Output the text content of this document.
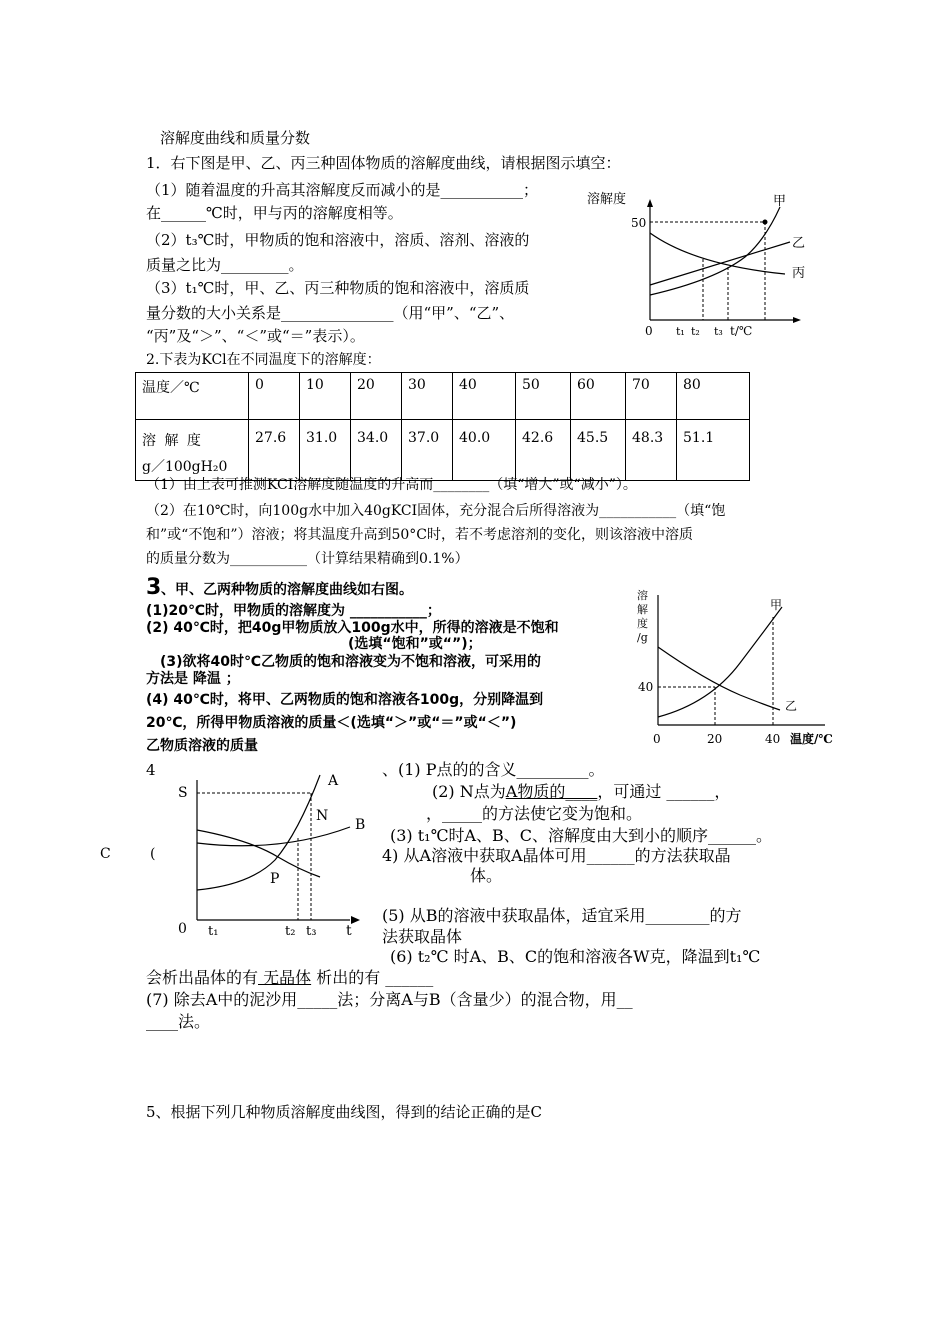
溶解度曲线和质量分数
1．右下图是甲、乙、丙三种固体物质的溶解度曲线，请根据图示填空：
（1）随着温度的升高其溶解度反而减小的是___________；
在______℃时，甲与丙的溶解度相等。
（2）t₃℃时，甲物质的饱和溶液中，溶质、溶剂、溶液的
质量之比为_________。
（3）t₁℃时，甲、乙、丙三种物质的饱和溶液中，溶质质
量分数的大小关系是_______________（用“甲”、“乙”、
“丙”及“＞”、“＜”或“＝”表示）。
溶解度
50
甲
乙
丙
0 t₁ t₂ t₃ t/℃
2.下表为KCl在不同温度下的溶解度：
温度／℃	0	10	20	30	40	50	60	70	80

溶 解 度
g／100gH₂0	27.6	31.0	34.0	37.0	40.0	42.6	45.5	48.3	51.1
（1）由上表可推测KCI溶解度随温度的升高而________（填“增大”或“减小”）。
（2）在10℃时，向100g水中加入40gKCI固体，充分混合后所得溶液为___________（填“饱
和”或“不饱和”）溶液；将其温度升高到50°C时，若不考虑溶剂的变化，则该溶液中溶质
的质量分数为___________（计算结果精确到0.1%）
3 、甲、乙两种物质的溶解度曲线如右图。
(1)20℃时，甲物质的溶解度为 ___________；
(2) 40℃时，把40g甲物质放入100g水中，所得的溶液是不饱和
(选填“饱和”或“”)；
(3)欲将40时℃乙物质的饱和溶液变为不饱和溶液，可采用的
方法是 降温 ；
(4) 40℃时，将甲、乙两物质的饱和溶液各100g，分别降温到
20℃，所得甲物质溶液的质量＜(选填“＞”或“＝”或“＜”)
乙物质溶液的质量
溶
解
度
/g
40
甲
乙
0	20	40 温度/℃
4
C	(
S
A
N
B
P
0 t₁	t₂ t₃ t
、(1) P点的的含义_________。
(2) N点为A物质的____，可通过 ______，
，_____的方法使它变为饱和。
(3) t₁℃时A、B、C、溶解度由大到小的顺序______。
4) 从A溶液中获取A晶体可用______的方法获取晶
体。
(5) 从B的溶液中获取晶体，适宜采用________的方
法获取晶体
(6) t₂℃ 时A、B、C的饱和溶液各W克，降温到t₁℃
会析出晶体的有 无晶体 析出的有 ______
(7) 除去A中的泥沙用_____法；分离A与B（含量少）的混合物，用__
____法。
5、根据下列几种物质溶解度曲线图，得到的结论正确的是C
